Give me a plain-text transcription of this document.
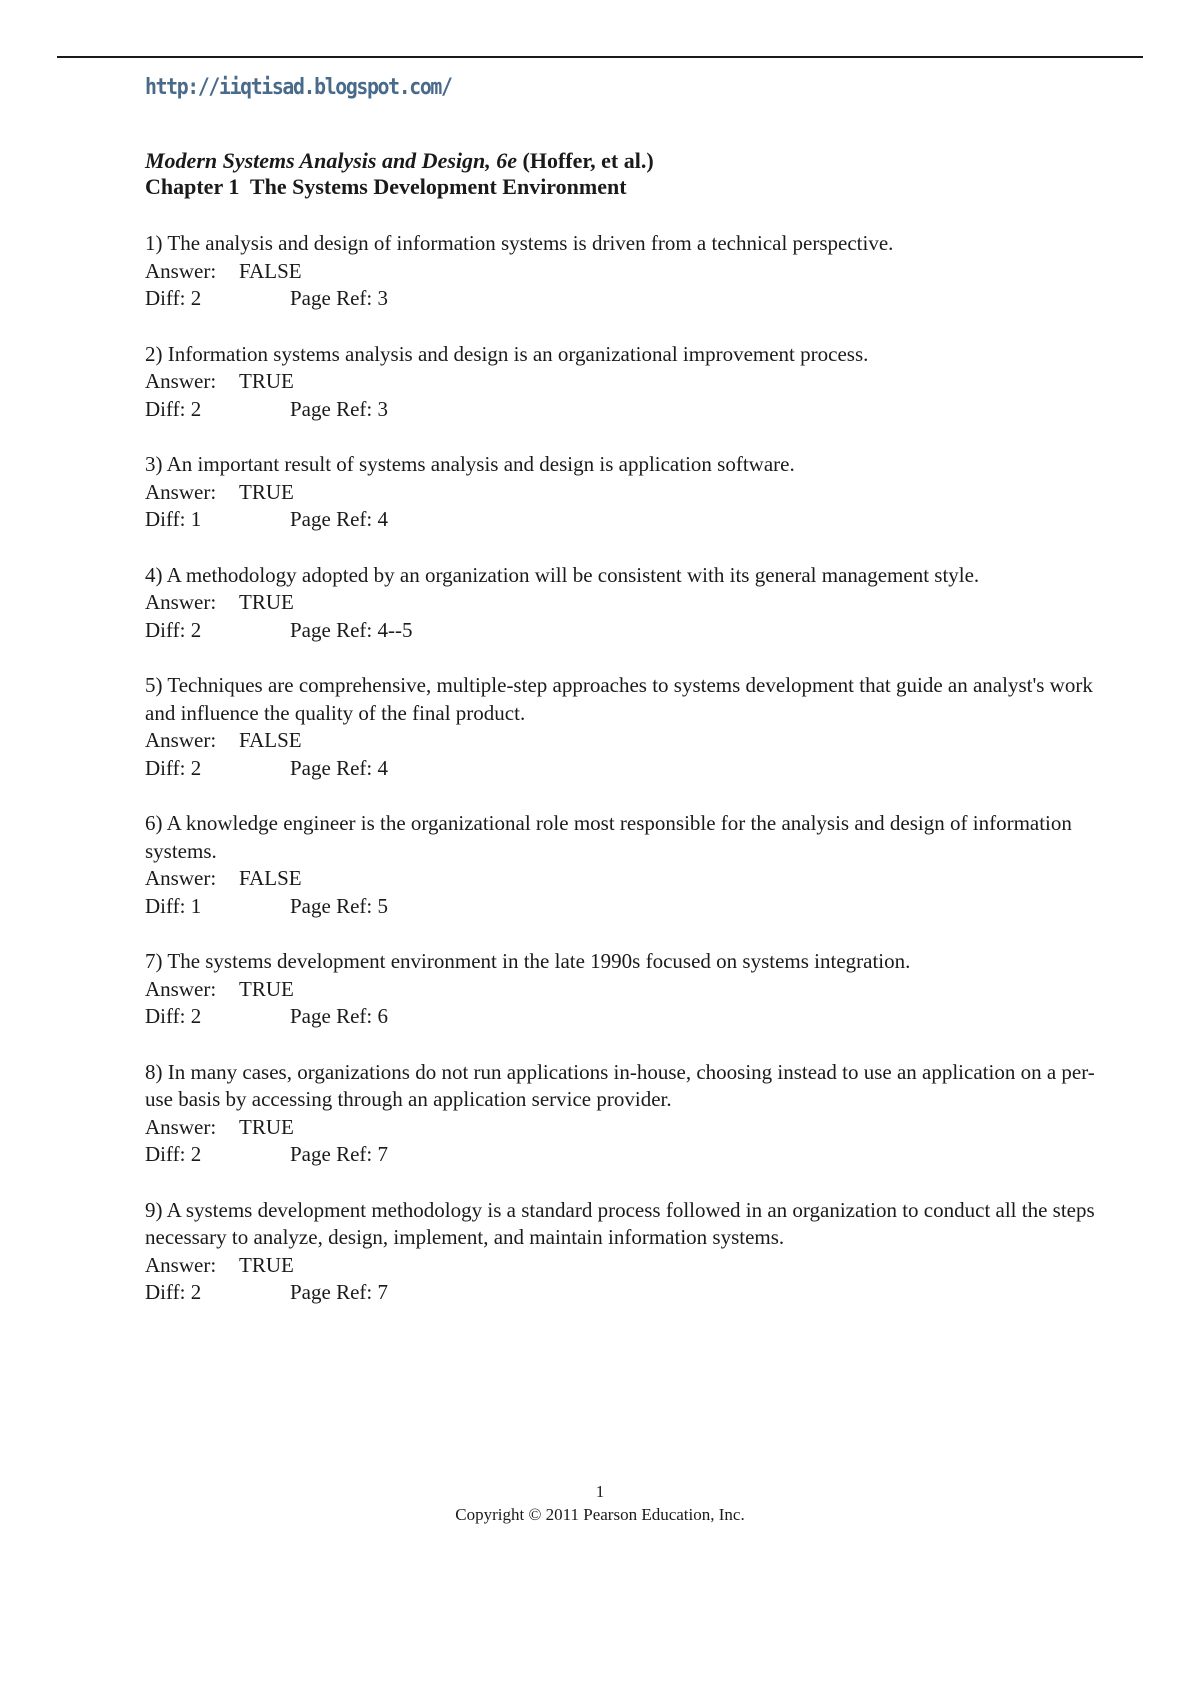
http://iiqtisad.blogspot.com/
Modern Systems Analysis and Design, 6e (Hoffer, et al.)
Chapter 1  The Systems Development Environment
1) The analysis and design of information systems is driven from a technical perspective.
Answer: FALSE
Diff: 2	Page Ref: 3
2) Information systems analysis and design is an organizational improvement process.
Answer: TRUE
Diff: 2	Page Ref: 3
3) An important result of systems analysis and design is application software.
Answer: TRUE
Diff: 1	Page Ref: 4
4) A methodology adopted by an organization will be consistent with its general management style.
Answer: TRUE
Diff: 2	Page Ref: 4--5
5) Techniques are comprehensive, multiple-step approaches to systems development that guide an analyst's work and influence the quality of the final product.
Answer: FALSE
Diff: 2	Page Ref: 4
6) A knowledge engineer is the organizational role most responsible for the analysis and design of information systems.
Answer: FALSE
Diff: 1	Page Ref: 5
7) The systems development environment in the late 1990s focused on systems integration.
Answer: TRUE
Diff: 2	Page Ref: 6
8) In many cases, organizations do not run applications in-house, choosing instead to use an application on a per-use basis by accessing through an application service provider.
Answer: TRUE
Diff: 2	Page Ref: 7
9) A systems development methodology is a standard process followed in an organization to conduct all the steps necessary to analyze, design, implement, and maintain information systems.
Answer: TRUE
Diff: 2	Page Ref: 7
1
Copyright © 2011 Pearson Education, Inc.
